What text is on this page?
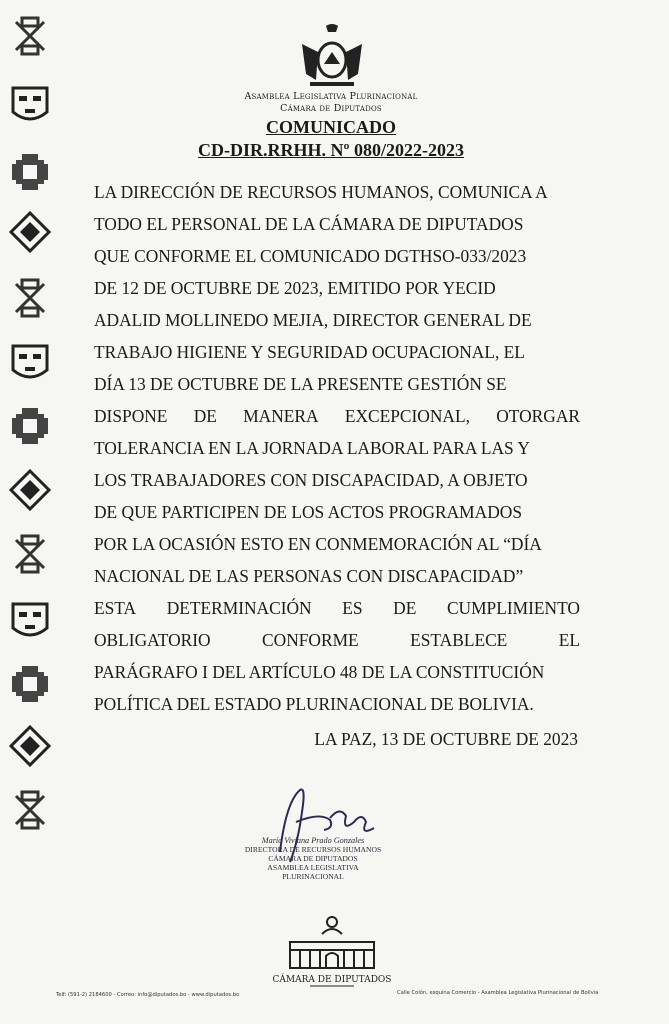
Asamblea Legislativa Plurinacional
Cámara de Diputados
COMUNICADO
CD-DIR.RRHH. Nº 080/2022-2023
LA DIRECCIÓN DE RECURSOS HUMANOS, COMUNICA A
TODO EL PERSONAL DE LA CÁMARA DE DIPUTADOS
QUE CONFORME EL COMUNICADO DGTHSO-033/2023
DE 12 DE OCTUBRE DE 2023, EMITIDO POR YECID
ADALID MOLLINEDO MEJIA, DIRECTOR GENERAL DE
TRABAJO HIGIENE Y SEGURIDAD OCUPACIONAL, EL
DÍA 13 DE OCTUBRE DE LA PRESENTE GESTIÓN SE
DISPONE DE MANERA EXCEPCIONAL, OTORGAR
TOLERANCIA EN LA JORNADA LABORAL PARA LAS Y
LOS TRABAJADORES CON DISCAPACIDAD, A OBJETO
DE QUE PARTICIPEN DE LOS ACTOS PROGRAMADOS
POR LA OCASIÓN ESTO EN CONMEMORACIÓN AL “DÍA
NACIONAL DE LAS PERSONAS CON DISCAPACIDAD”
ESTA DETERMINACIÓN ES DE CUMPLIMIENTO
OBLIGATORIO	CONFORME	ESTABLECE	EL
PARÁGRAFO I DEL ARTÍCULO 48 DE LA CONSTITUCIÓN
POLÍTICA DEL ESTADO PLURINACIONAL DE BOLIVIA.
LA PAZ, 13 DE OCTUBRE DE 2023
María Viviana Prado Gonzales
DIRECTORA DE RECURSOS HUMANOS
CÁMARA DE DIPUTADOS
ASAMBLEA LEGISLATIVA PLURINACIONAL
CÁMARA DE DIPUTADOS
Telf: (591-2) 2184600 - Correo: info@diputados.bo - www.diputados.bo	Calle Colón, esquina Comercio - Asamblea Legislativa Plurinacional de Bolivia
